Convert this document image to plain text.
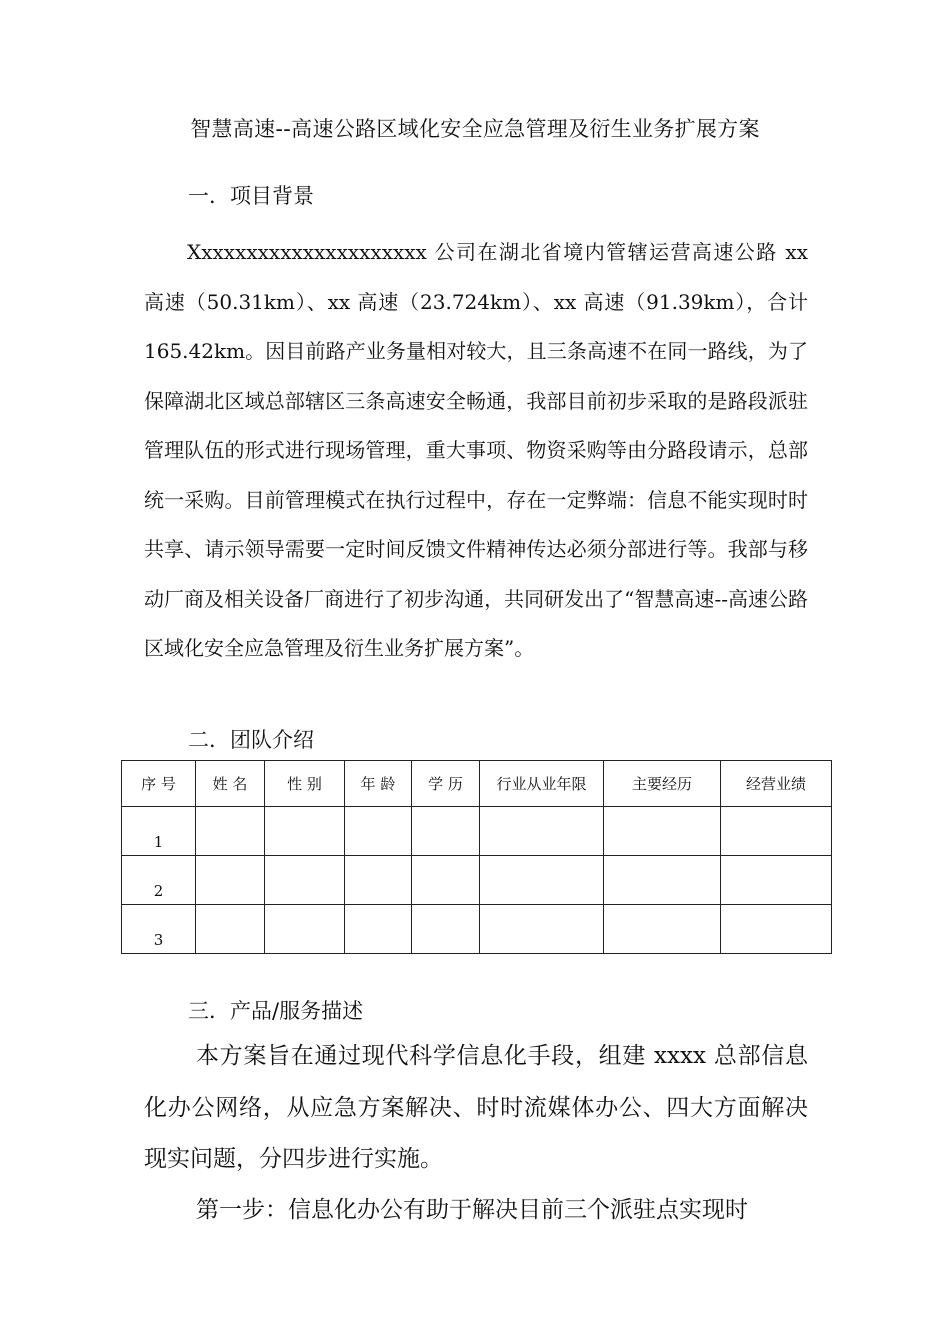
智慧高速--高速公路区域化安全应急管理及衍生业务扩展方案
一．项目背景

Xxxxxxxxxxxxxxxxxxxxx 公司在湖北省境内管辖运营高速公路 xx 高速（50.31km）、xx 高速（23.724km）、xx 高速（91.39km），合计 165.42km。因目前路产业务量相对较大，且三条高速不在同一路线，为了保障湖北区域总部辖区三条高速安全畅通，我部目前初步采取的是路段派驻管理队伍的形式进行现场管理，重大事项、物资采购等由分路段请示，总部统一采购。目前管理模式在执行过程中，存在一定弊端：信息不能实现时时共享、请示领导需要一定时间反馈文件精神传达必须分部进行等。我部与移动厂商及相关设备厂商进行了初步沟通，共同研发出了“智慧高速--高速公路区域化安全应急管理及衍生业务扩展方案”。

二．团队介绍
序 号	姓 名	性 别	年 龄	学 历	行业从业年限	主要经历	经营业绩
1							
2							
3							
三．产品/服务描述

本方案旨在通过现代科学信息化手段，组建 xxxx 总部信息化办公网络，从应急方案解决、时时流媒体办公、四大方面解决现实问题，分四步进行实施。

第一步：信息化办公有助于解决目前三个派驻点实现时
